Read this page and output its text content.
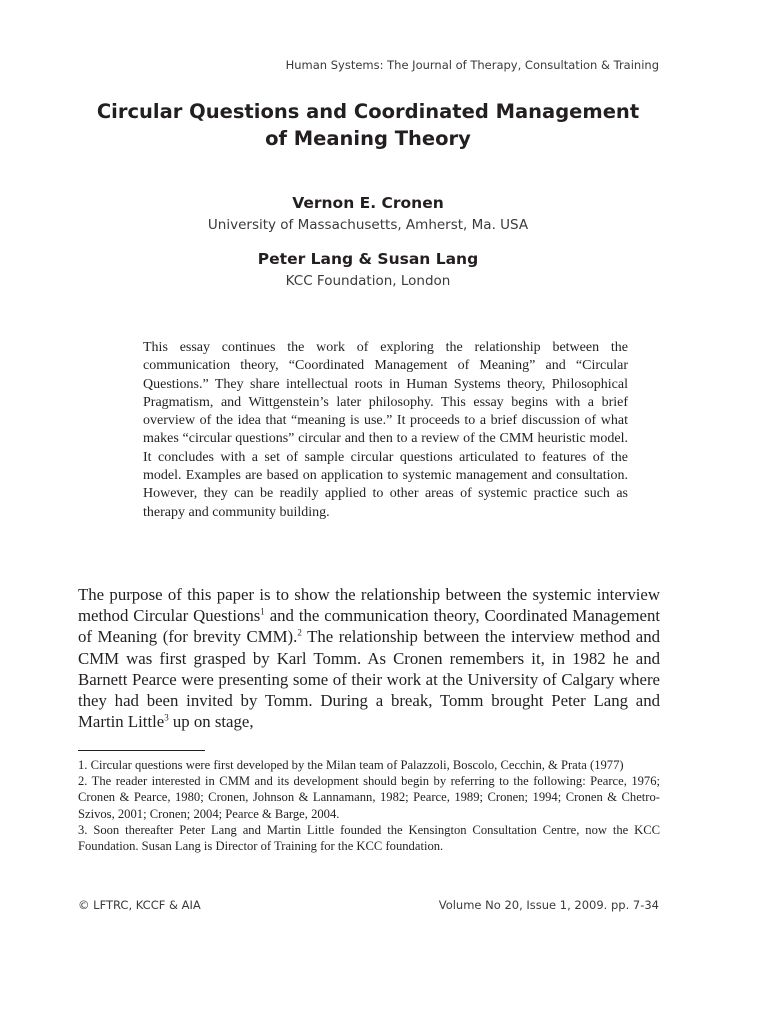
Human Systems: The Journal of Therapy, Consultation & Training
Circular Questions and Coordinated Management
of Meaning Theory
Vernon E. Cronen
University of Massachusetts, Amherst, Ma. USA
Peter Lang & Susan Lang
KCC Foundation, London
This essay continues the work of exploring the relationship between the communication theory, “Coordinated Management of Meaning” and “Circular Questions.” They share intellectual roots in Human Systems theory, Philosophical Pragmatism, and Wittgenstein’s later philosophy. This essay begins with a brief overview of the idea that “meaning is use.” It proceeds to a brief discussion of what makes “circular questions” circular and then to a review of the CMM heuristic model. It concludes with a set of sample circular questions articulated to features of the model. Examples are based on application to systemic management and consultation. However, they can be readily applied to other areas of systemic practice such as therapy and community building.
The purpose of this paper is to show the relationship between the systemic interview method Circular Questions$^1$ and the communication theory, Coordinated Management of Meaning (for brevity CMM).$^2$ The relationship between the interview method and CMM was first grasped by Karl Tomm. As Cronen remembers it, in 1982 he and Barnett Pearce were presenting some of their work at the University of Calgary where they had been invited by Tomm. During a break, Tomm brought Peter Lang and Martin Little$^3$ up on stage,
1. Circular questions were first developed by the Milan team of Palazzoli, Boscolo, Cecchin, & Prata (1977)
2. The reader interested in CMM and its development should begin by referring to the following: Pearce, 1976; Cronen & Pearce, 1980; Cronen, Johnson & Lannamann, 1982; Pearce, 1989; Cronen; 1994; Cronen & Chetro-Szivos, 2001; Cronen; 2004; Pearce & Barge, 2004.
3. Soon thereafter Peter Lang and Martin Little founded the Kensington Consultation Centre, now the KCC Foundation. Susan Lang is Director of Training for the KCC foundation.
© LFTRC, KCCF & AIA	Volume No 20, Issue 1, 2009. pp. 7-34
